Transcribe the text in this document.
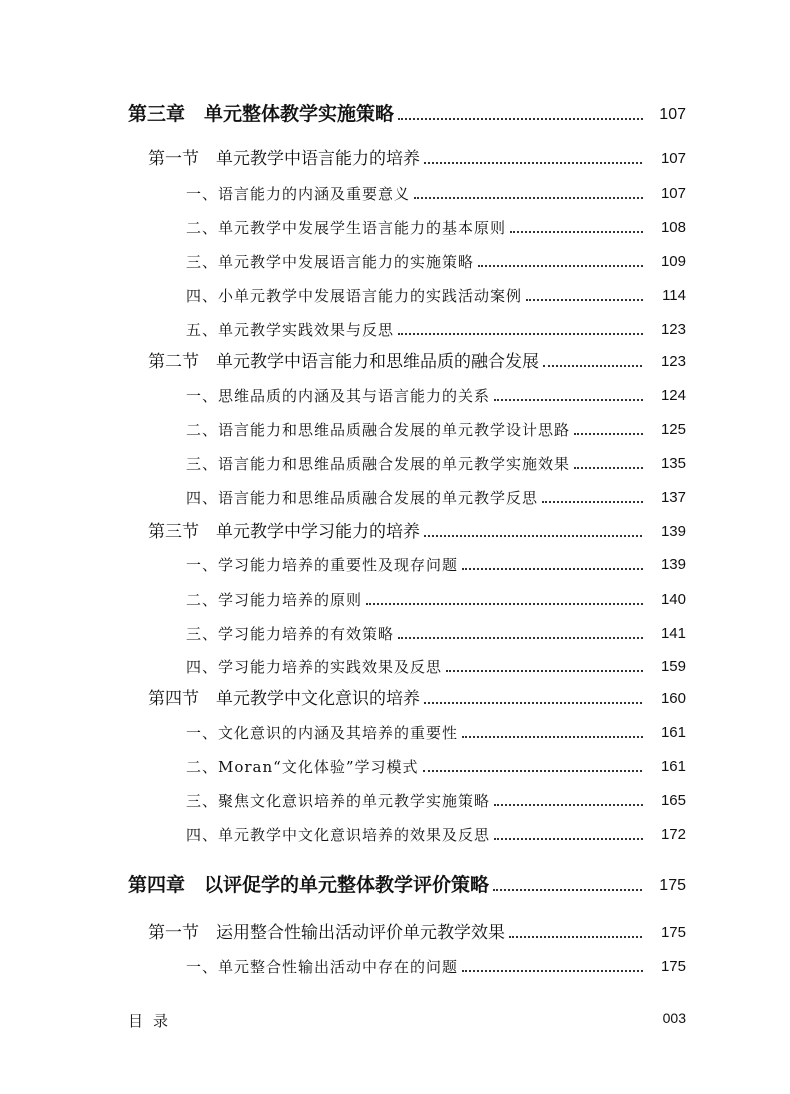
第三章　单元整体教学实施策略	107
第一节　单元教学中语言能力的培养	107
一、语言能力的内涵及重要意义	107
二、单元教学中发展学生语言能力的基本原则	108
三、单元教学中发展语言能力的实施策略	109
四、小单元教学中发展语言能力的实践活动案例	114
五、单元教学实践效果与反思	123
第二节　单元教学中语言能力和思维品质的融合发展	123
一、思维品质的内涵及其与语言能力的关系	124
二、语言能力和思维品质融合发展的单元教学设计思路	125
三、语言能力和思维品质融合发展的单元教学实施效果	135
四、语言能力和思维品质融合发展的单元教学反思	137
第三节　单元教学中学习能力的培养	139
一、学习能力培养的重要性及现存问题	139
二、学习能力培养的原则	140
三、学习能力培养的有效策略	141
四、学习能力培养的实践效果及反思	159
第四节　单元教学中文化意识的培养	160
一、文化意识的内涵及其培养的重要性	161
二、Moran“文化体验”学习模式	161
三、聚焦文化意识培养的单元教学实施策略	165
四、单元教学中文化意识培养的效果及反思	172
第四章　以评促学的单元整体教学评价策略	175
第一节　运用整合性输出活动评价单元教学效果	175
一、单元整合性输出活动中存在的问题	175
目录	003
